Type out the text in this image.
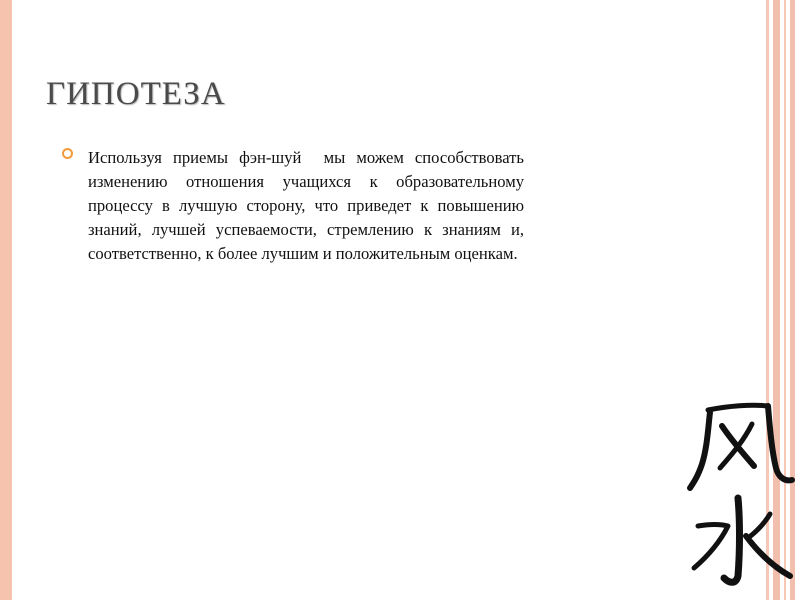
ГИПОТЕЗА

Используя приемы фэн-шуй  мы можем способствовать изменению отношения учащихся к образовательному процессу в лучшую сторону, что приведет к повышению знаний, лучшей успеваемости, стремлению к знаниям и, соответственно, к более лучшим и положительным оценкам.
